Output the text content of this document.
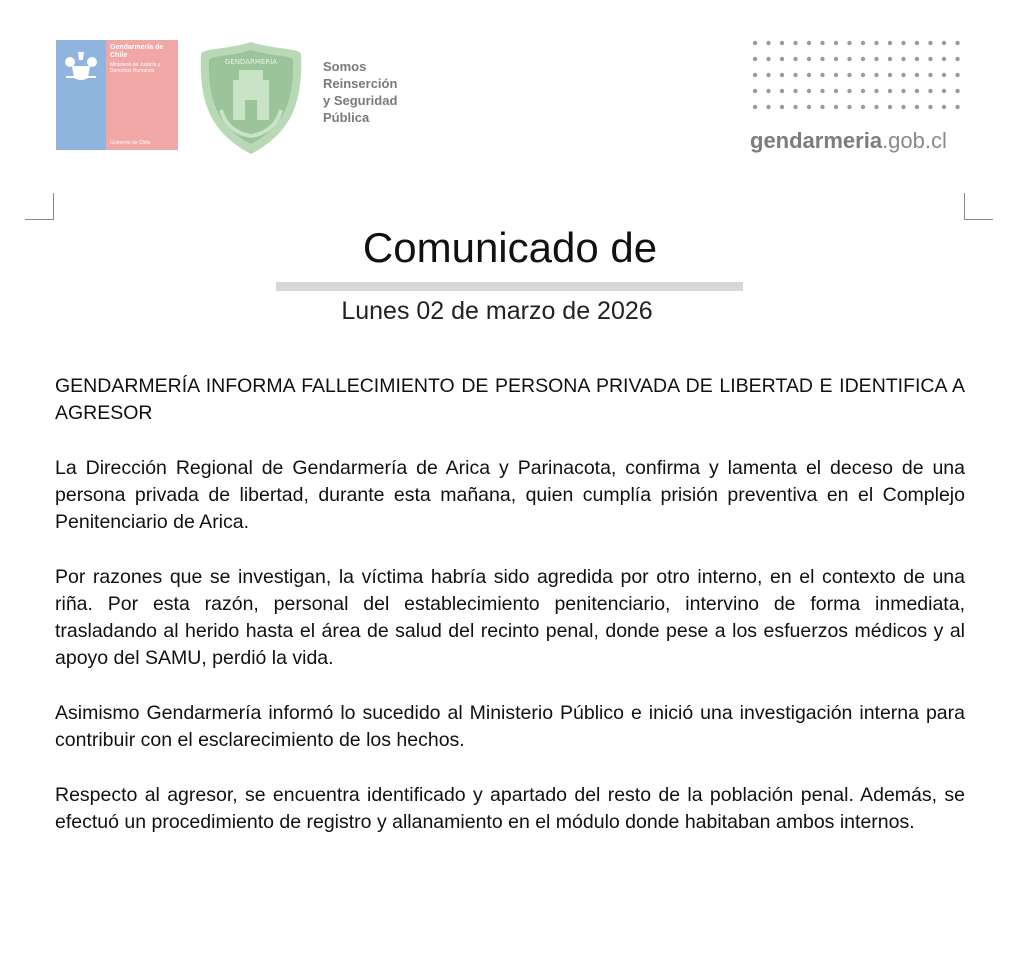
Gendarmería de Chile
Ministerio de Justicia y Derechos Humanos
Gobierno de Chile
GENDARMERÍA	Somos
Reinserción
y Seguridad
Pública
gendarmeria.gob.cl
Comunicado de
Lunes 02 de marzo de 2026

GENDARMERÍA INFORMA FALLECIMIENTO DE PERSONA PRIVADA DE LIBERTAD E IDENTIFICA A AGRESOR

La Dirección Regional de Gendarmería de Arica y Parinacota, confirma y lamenta el deceso de una persona privada de libertad, durante esta mañana, quien cumplía prisión preventiva en el Complejo Penitenciario de Arica.

Por razones que se investigan, la víctima habría sido agredida por otro interno, en el contexto de una riña. Por esta razón, personal del establecimiento penitenciario, intervino de forma inmediata, trasladando al herido hasta el área de salud del recinto penal, donde pese a los esfuerzos médicos y al apoyo del SAMU, perdió la vida.

Asimismo Gendarmería informó lo sucedido al Ministerio Público e inició una investigación interna para contribuir con el esclarecimiento de los hechos.

Respecto al agresor, se encuentra identificado y apartado del resto de la población penal. Además, se efectuó un procedimiento de registro y allanamiento en el módulo donde habitaban ambos internos.
